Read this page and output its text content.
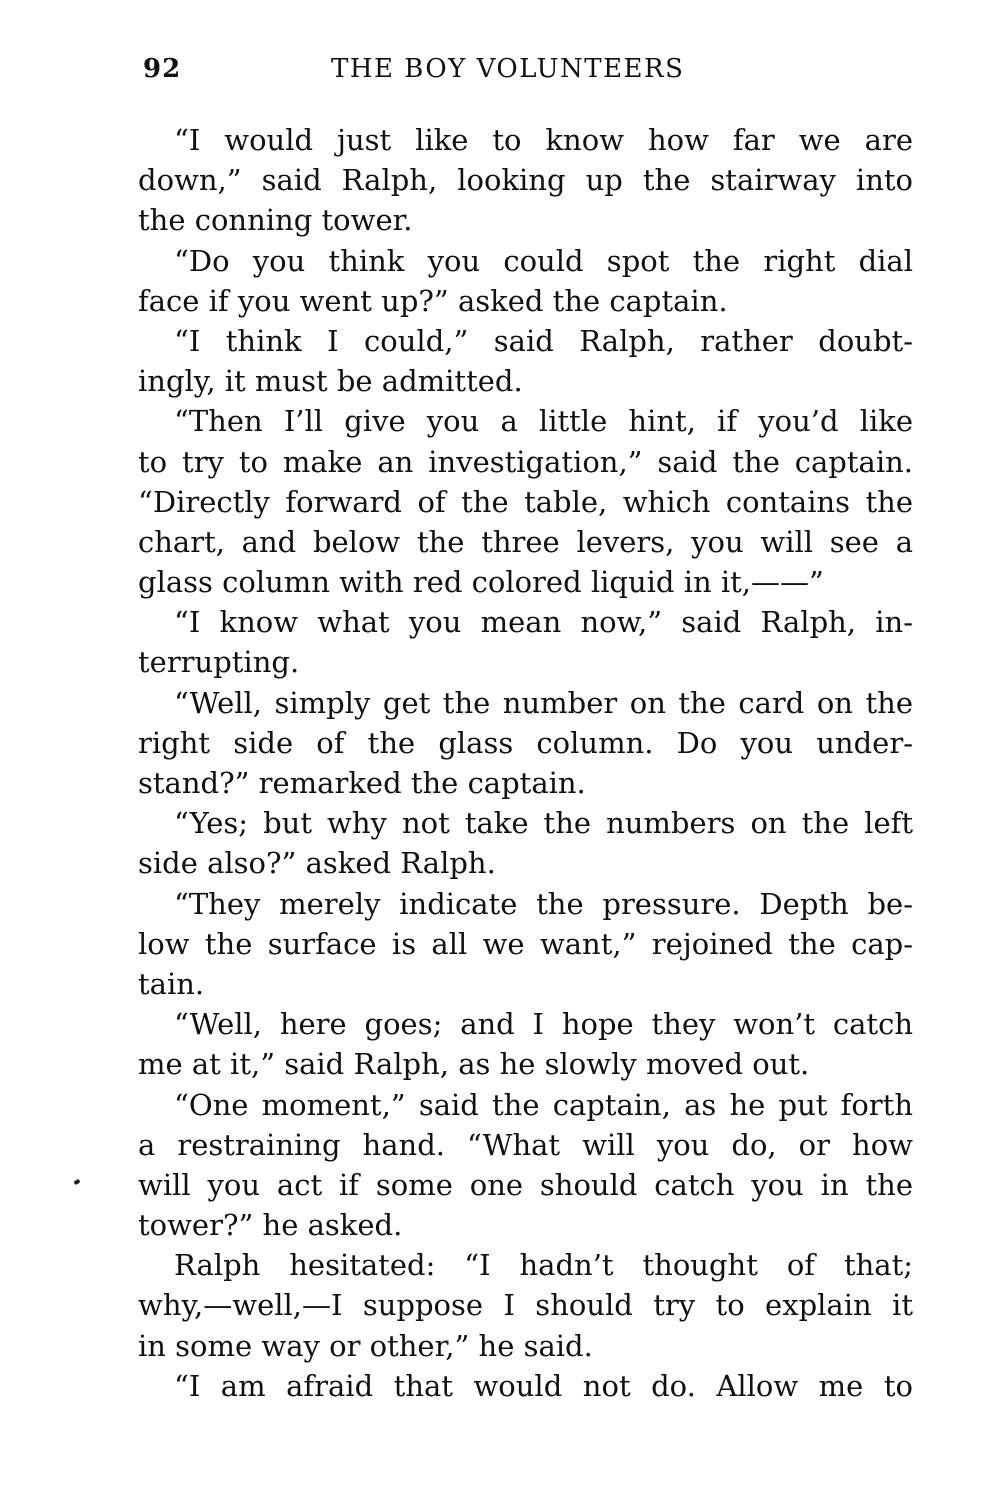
92	THE BOY VOLUNTEERS
“I would just like to know how far we are
down,” said Ralph, looking up the stairway into
the conning tower.
“Do you think you could spot the right dial
face if you went up?” asked the captain.
“I think I could,” said Ralph, rather doubt-
ingly, it must be admitted.
“Then I’ll give you a little hint, if you’d like
to try to make an investigation,” said the captain.
“Directly forward of the table, which contains the
chart, and below the three levers, you will see a
glass column with red colored liquid in it,——”
“I know what you mean now,” said Ralph, in-
terrupting.
“Well, simply get the number on the card on the
right side of the glass column. Do you under-
stand?” remarked the captain.
“Yes; but why not take the numbers on the left
side also?” asked Ralph.
“They merely indicate the pressure. Depth be-
low the surface is all we want,” rejoined the cap-
tain.
“Well, here goes; and I hope they won’t catch
me at it,” said Ralph, as he slowly moved out.
“One moment,” said the captain, as he put forth
a restraining hand. “What will you do, or how
will you act if some one should catch you in the
tower?” he asked.
Ralph hesitated: “I hadn’t thought of that;
why,—well,—I suppose I should try to explain it
in some way or other,” he said.
“I am afraid that would not do. Allow me to
